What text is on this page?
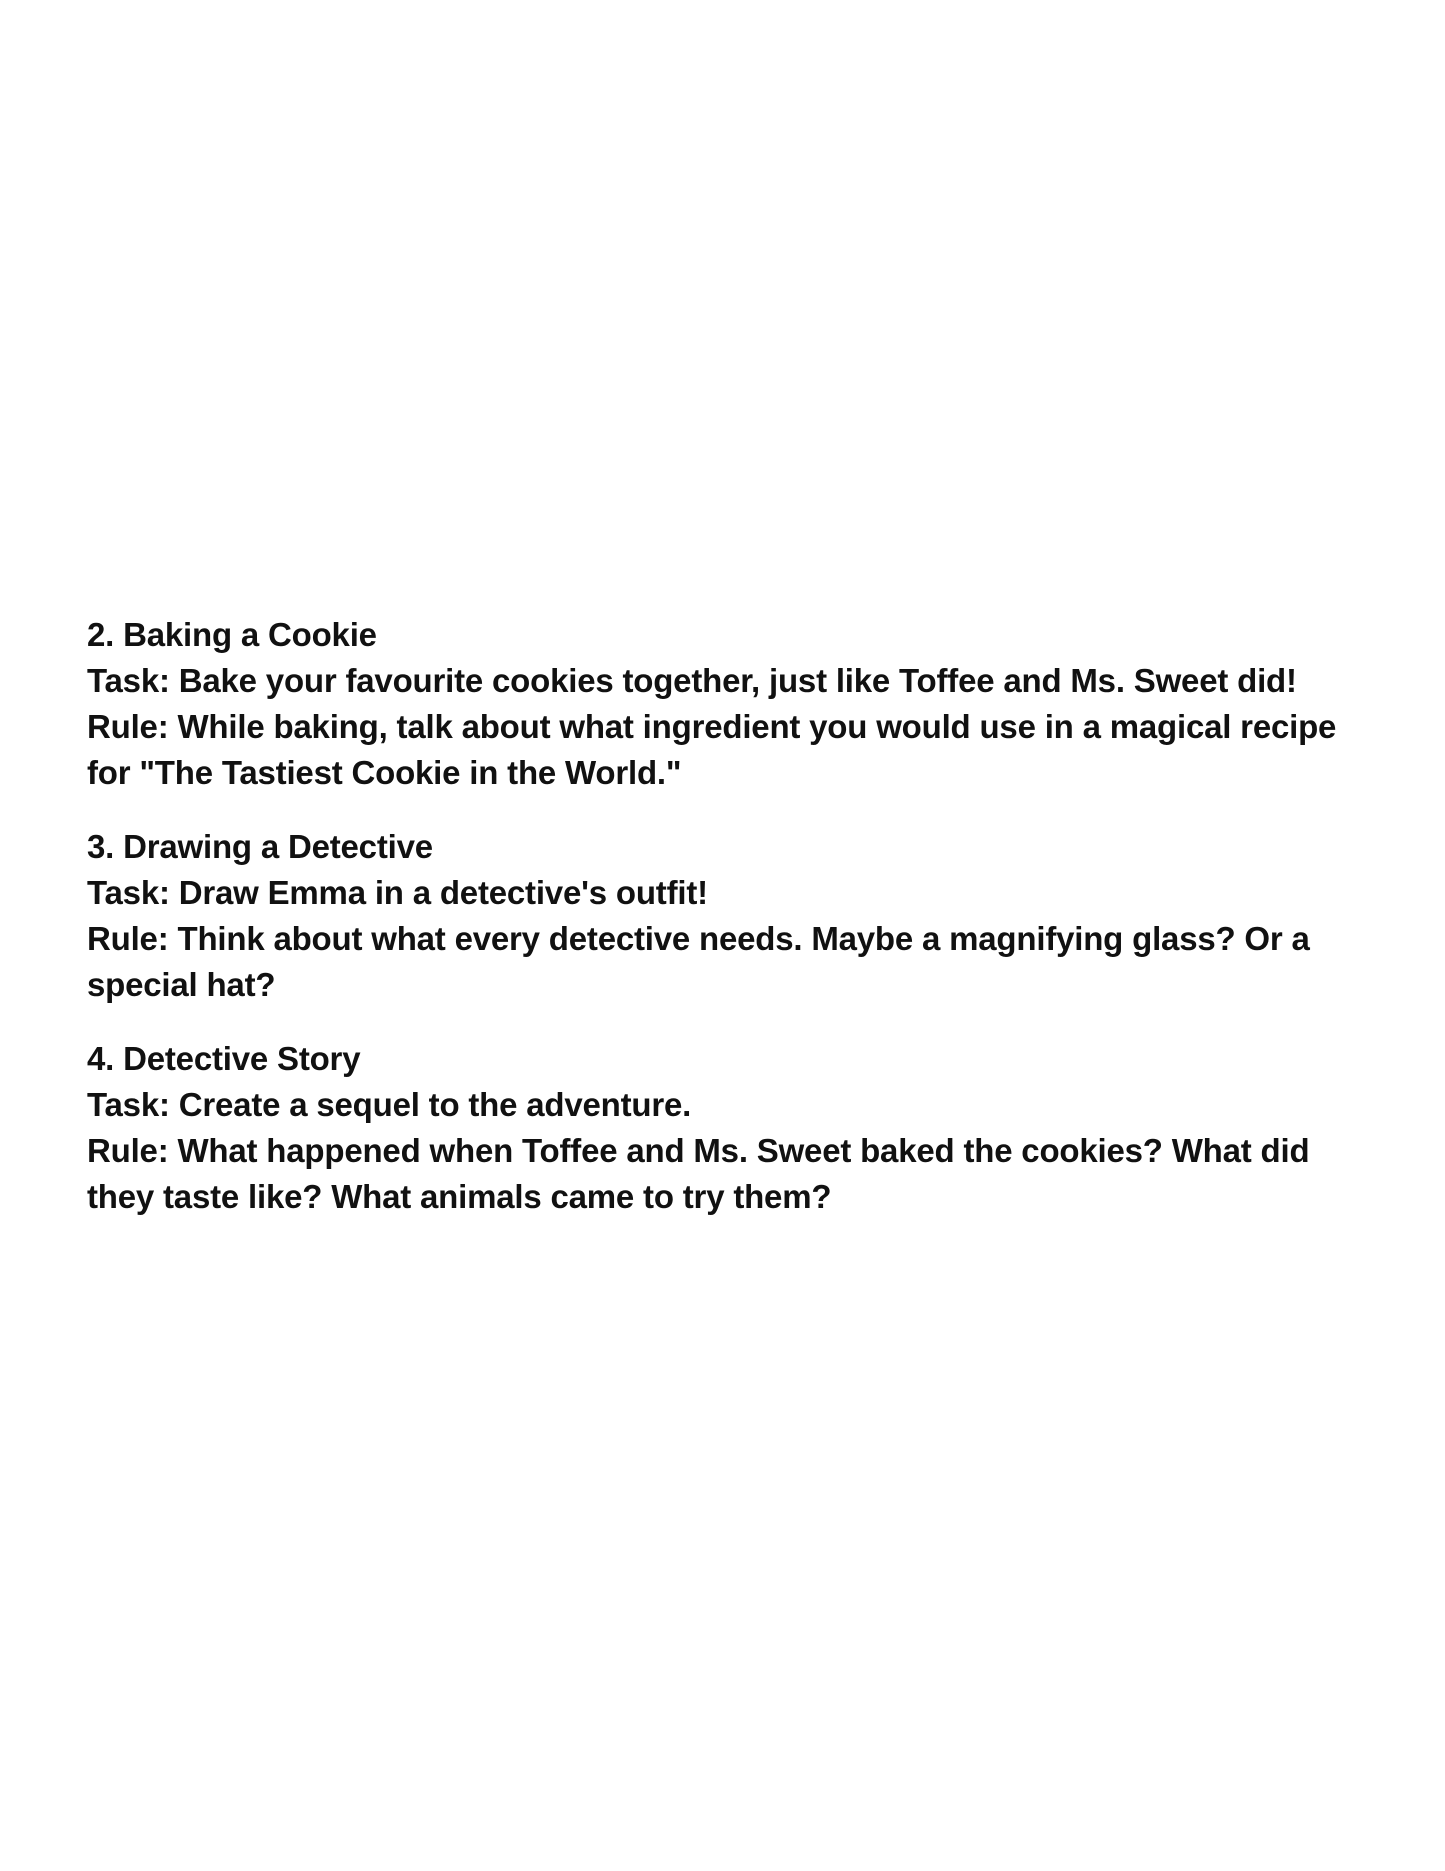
2. Baking a Cookie

Task: Bake your favourite cookies together, just like Toffee and Ms. Sweet did!

Rule: While baking, talk about what ingredient you would use in a magical recipe for "The Tastiest Cookie in the World."

3. Drawing a Detective

Task: Draw Emma in a detective's outfit!

Rule: Think about what every detective needs. Maybe a magnifying glass? Or a special hat?

4. Detective Story

Task: Create a sequel to the adventure.

Rule: What happened when Toffee and Ms. Sweet baked the cookies? What did they taste like? What animals came to try them?
